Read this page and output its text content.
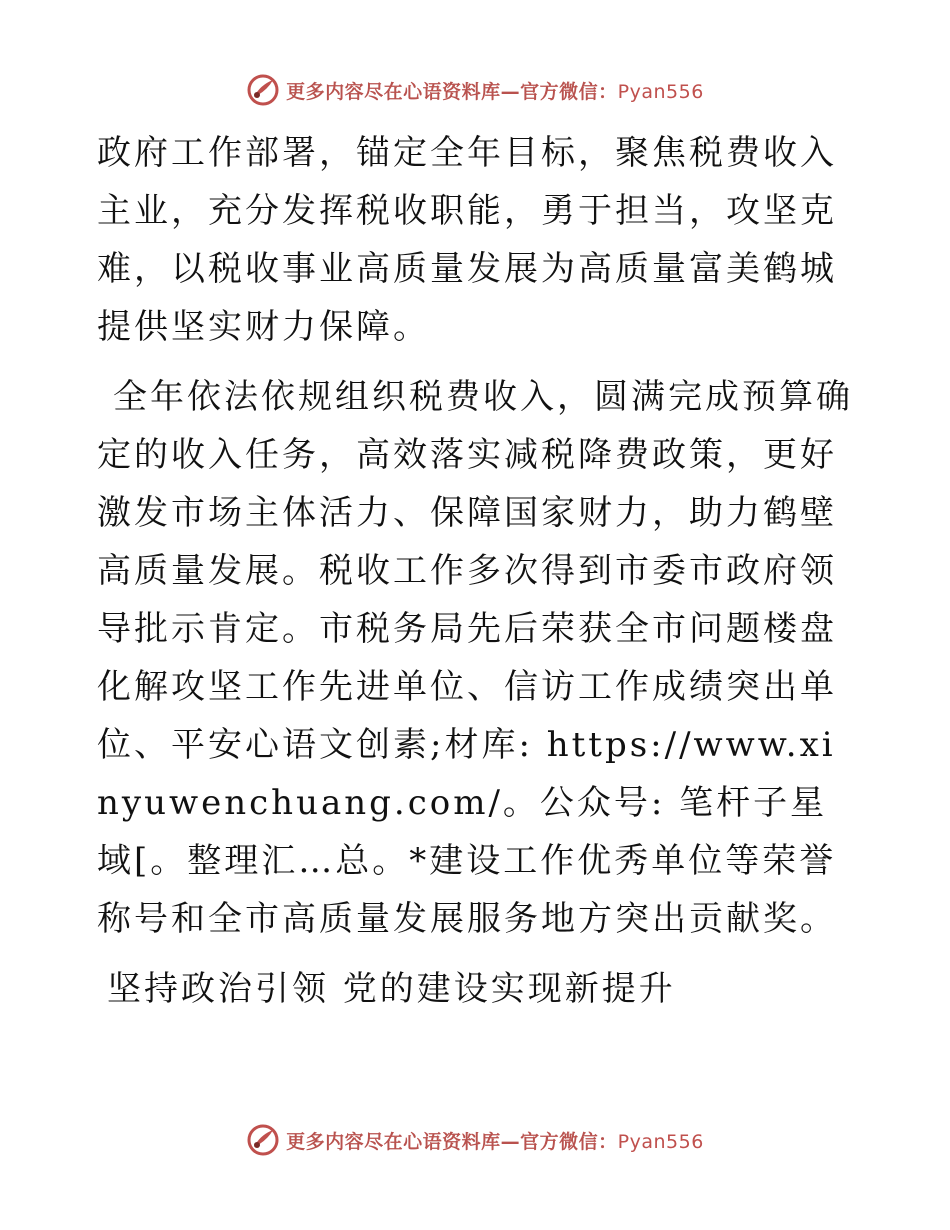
更多内容尽在心语资料库—官方微信：Pyan556

政府工作部署，锚定全年目标，聚焦税费收入主业，充分发挥税收职能，勇于担当，攻坚克难，以税收事业高质量发展为高质量富美鹤城提供坚实财力保障。

全年依法依规组织税费收入，圆满完成预算确定的收入任务，高效落实减税降费政策，更好激发市场主体活力、保障国家财力，助力鹤壁高质量发展。税收工作多次得到市委市政府领导批示肯定。市税务局先后荣获全市问题楼盘化解攻坚工作先进单位、信访工作成绩突出单位、平安心语文创素;材库: https://www.xinyuwenchuang.com/。公众号: 笔杆子星域[。整理汇…总。*建设工作优秀单位等荣誉称号和全市高质量发展服务地方突出贡献奖。

坚持政治引领 党的建设实现新提升

更多内容尽在心语资料库—官方微信：Pyan556
